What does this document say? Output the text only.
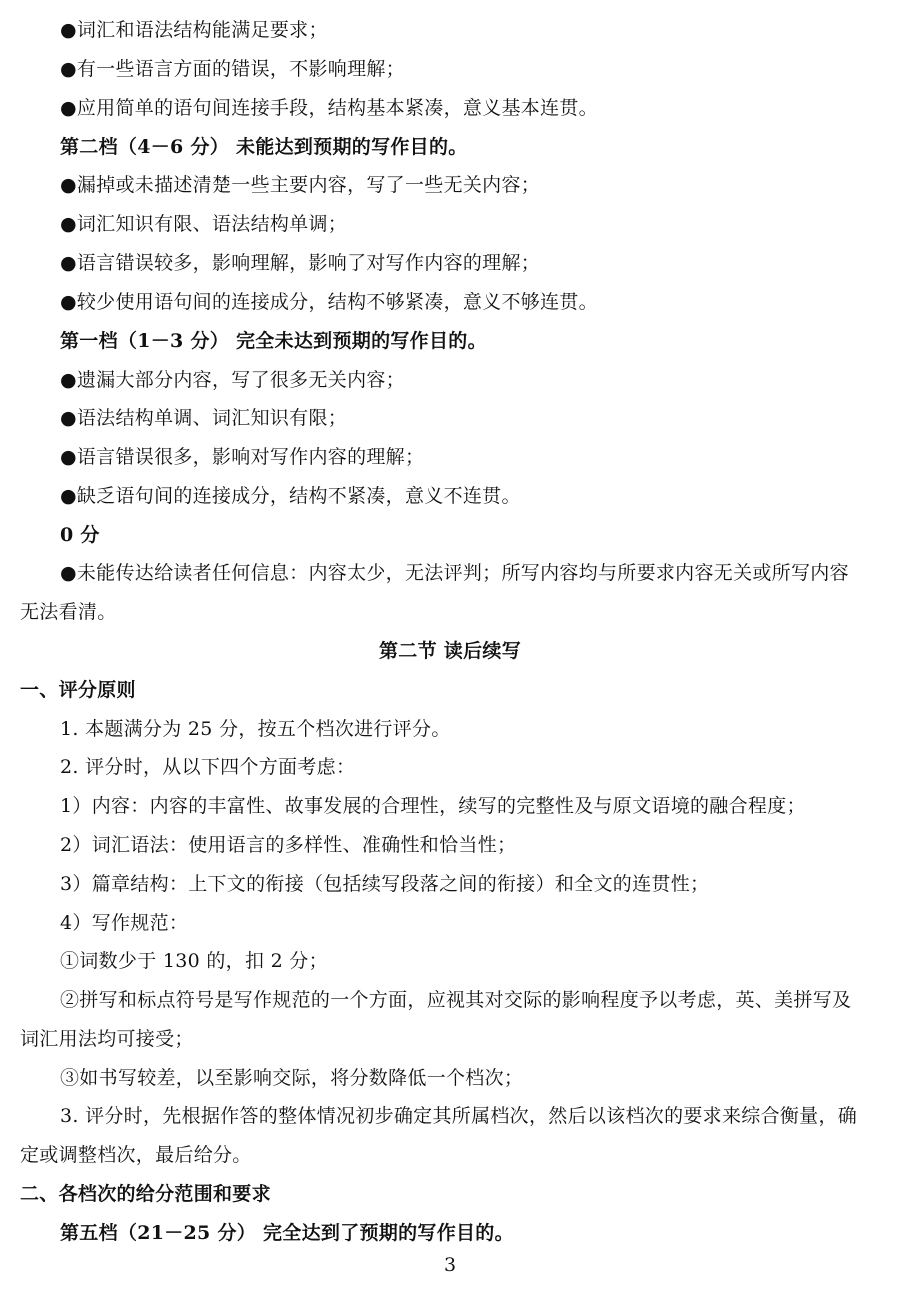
●词汇和语法结构能满足要求；
●有一些语言方面的错误，不影响理解；
●应用简单的语句间连接手段，结构基本紧凑，意义基本连贯。
第二档（4－6 分） 未能达到预期的写作目的。
●漏掉或未描述清楚一些主要内容，写了一些无关内容；
●词汇知识有限、语法结构单调；
●语言错误较多，影响理解，影响了对写作内容的理解；
●较少使用语句间的连接成分，结构不够紧凑，意义不够连贯。
第一档（1－3 分） 完全未达到预期的写作目的。
●遗漏大部分内容，写了很多无关内容；
●语法结构单调、词汇知识有限；
●语言错误很多，影响对写作内容的理解；
●缺乏语句间的连接成分，结构不紧凑，意义不连贯。
0 分
●未能传达给读者任何信息：内容太少，无法评判；所写内容均与所要求内容无关或所写内容
无法看清。
第二节 读后续写
一、评分原则
1. 本题满分为 25 分，按五个档次进行评分。
2. 评分时，从以下四个方面考虑：
1）内容：内容的丰富性、故事发展的合理性，续写的完整性及与原文语境的融合程度；
2）词汇语法：使用语言的多样性、准确性和恰当性；
3）篇章结构：上下文的衔接（包括续写段落之间的衔接）和全文的连贯性；
4）写作规范：
①词数少于 130 的，扣 2 分；
②拼写和标点符号是写作规范的一个方面，应视其对交际的影响程度予以考虑，英、美拼写及
词汇用法均可接受；
③如书写较差，以至影响交际，将分数降低一个档次；
3. 评分时，先根据作答的整体情况初步确定其所属档次，然后以该档次的要求来综合衡量，确
定或调整档次，最后给分。
二、各档次的给分范围和要求
第五档（21－25 分） 完全达到了预期的写作目的。
3
